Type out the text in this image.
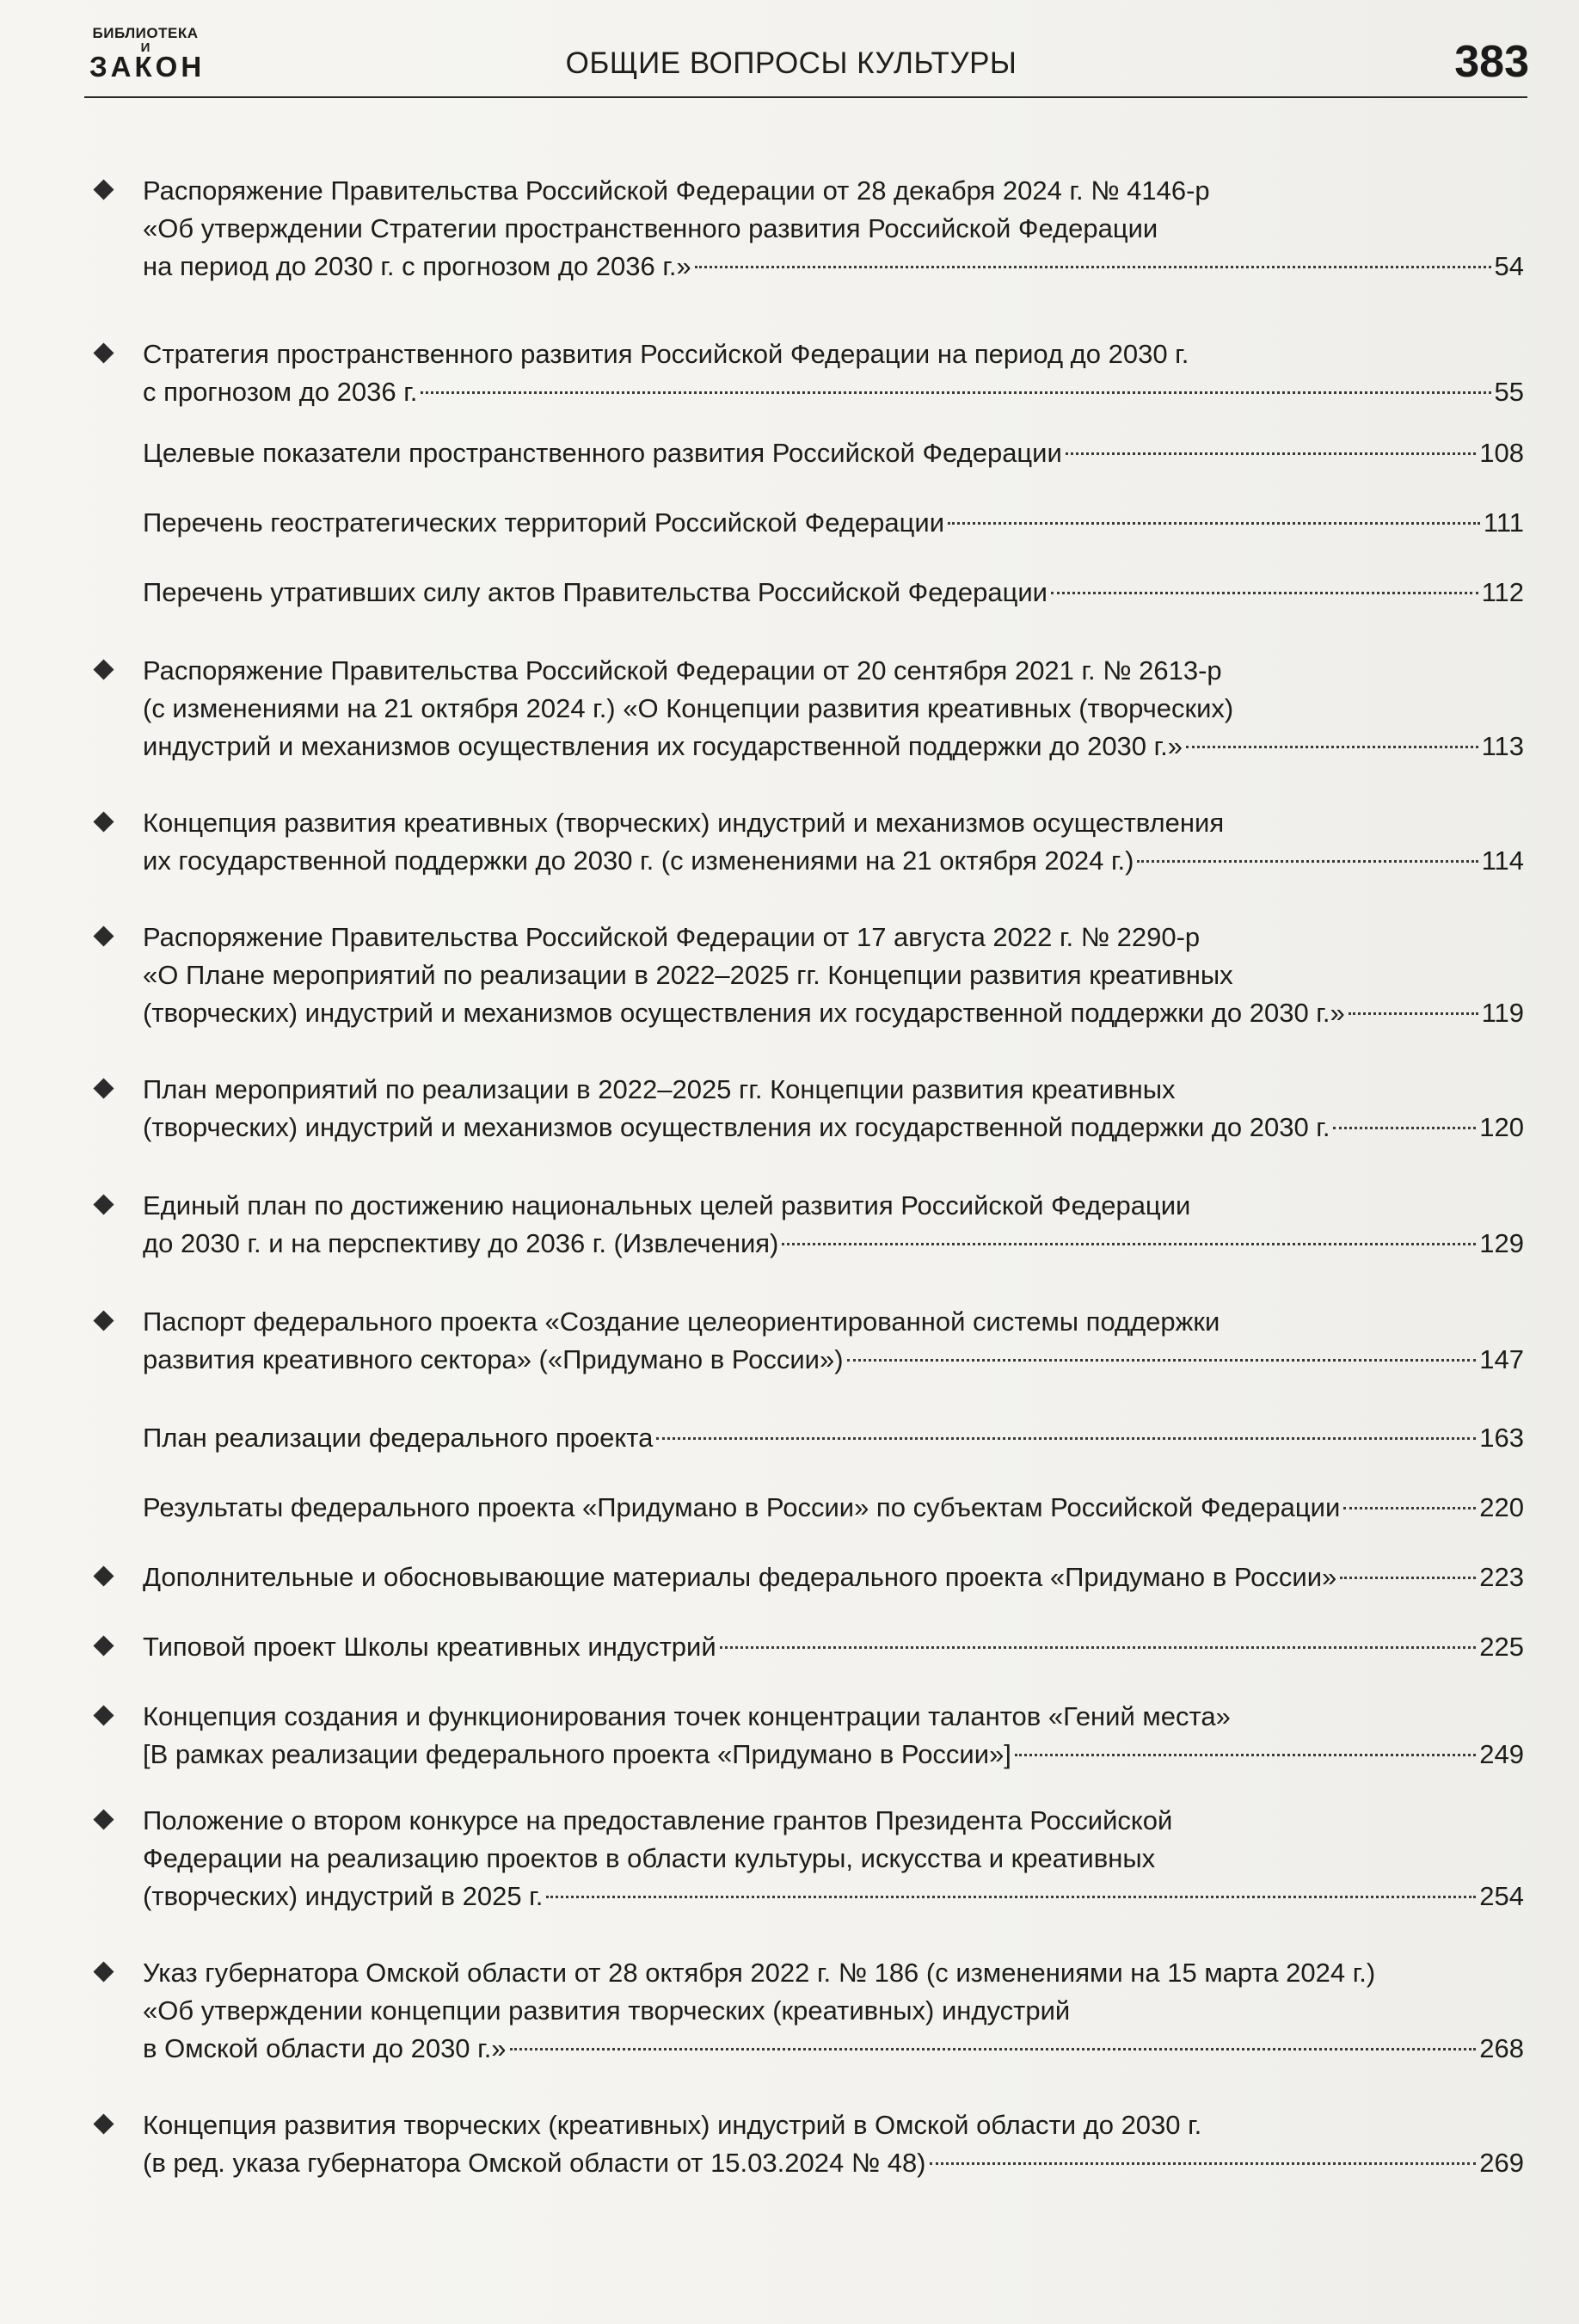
БИБЛИОТЕКА
И
ЗАКОН	ОБЩИЕ ВОПРОСЫ КУЛЬТУРЫ	383
Распоряжение Правительства Российской Федерации от 28 декабря 2024 г. № 4146-р
«Об утверждении Стратегии пространственного развития Российской Федерации
на период до 2030 г. с прогнозом до 2036 г.»	54
Стратегия пространственного развития Российской Федерации на период до 2030 г.
с прогнозом до 2036 г.	55
Целевые показатели пространственного развития Российской Федерации	108
Перечень геостратегических территорий Российской Федерации	111
Перечень утративших силу актов Правительства Российской Федерации	112
Распоряжение Правительства Российской Федерации от 20 сентября 2021 г. № 2613-р
(с изменениями на 21 октября 2024 г.) «О Концепции развития креативных (творческих)
индустрий и механизмов осуществления их государственной поддержки до 2030 г.»	113
Концепция развития креативных (творческих) индустрий и механизмов осуществления
их государственной поддержки до 2030 г. (с изменениями на 21 октября 2024 г.)	114
Распоряжение Правительства Российской Федерации от 17 августа 2022 г. № 2290-р
«О Плане мероприятий по реализации в 2022–2025 гг. Концепции развития креативных
(творческих) индустрий и механизмов осуществления их государственной поддержки до 2030 г.»	119
План мероприятий по реализации в 2022–2025 гг. Концепции развития креативных
(творческих) индустрий и механизмов осуществления их государственной поддержки до 2030 г.	120
Единый план по достижению национальных целей развития Российской Федерации
до 2030 г. и на перспективу до 2036 г. (Извлечения)	129
Паспорт федерального проекта «Создание целеориентированной системы поддержки
развития креативного сектора» («Придумано в России»)	147
План реализации федерального проекта	163
Результаты федерального проекта «Придумано в России» по субъектам Российской Федерации	220
Дополнительные и обосновывающие материалы федерального проекта «Придумано в России»	223
Типовой проект Школы креативных индустрий	225
Концепция создания и функционирования точек концентрации талантов «Гений места»
[В рамках реализации федерального проекта «Придумано в России»]	249
Положение о втором конкурсе на предоставление грантов Президента Российской
Федерации на реализацию проектов в области культуры, искусства и креативных
(творческих) индустрий в 2025 г.	254
Указ губернатора Омской области от 28 октября 2022 г. № 186 (с изменениями на 15 марта 2024 г.)
«Об утверждении концепции развития творческих (креативных) индустрий
в Омской области до 2030 г.»	268
Концепция развития творческих (креативных) индустрий в Омской области до 2030 г.
(в ред. указа губернатора Омской области от 15.03.2024 № 48)	269
